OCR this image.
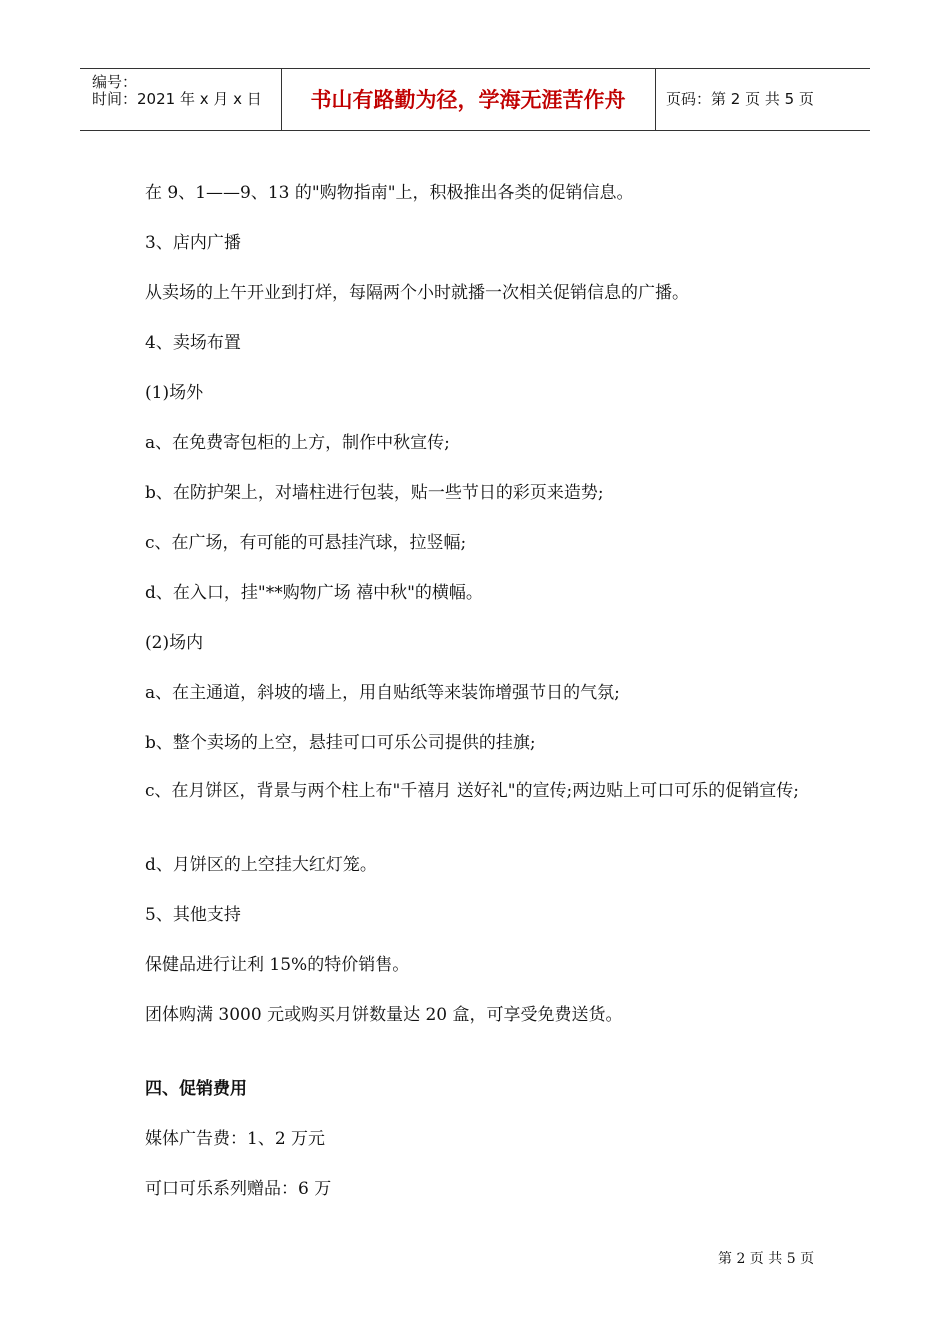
编号：
时间：2021 年 x 月 x 日	书山有路勤为径，学海无涯苦作舟	页码：第 2 页 共 5 页
在 9、1——9、13 的"购物指南"上，积极推出各类的促销信息。
3、店内广播
从卖场的上午开业到打烊，每隔两个小时就播一次相关促销信息的广播。
4、卖场布置
(1)场外
a、在免费寄包柜的上方，制作中秋宣传;
b、在防护架上，对墙柱进行包装，贴一些节日的彩页来造势;
c、在广场，有可能的可悬挂汽球，拉竖幅;
d、在入口，挂"**购物广场 禧中秋"的横幅。
(2)场内
a、在主通道，斜坡的墙上，用自贴纸等来装饰增强节日的气氛;
b、整个卖场的上空，悬挂可口可乐公司提供的挂旗;
c、在月饼区，背景与两个柱上布"千禧月 送好礼"的宣传;两边贴上可口可乐的促销宣传;
d、月饼区的上空挂大红灯笼。
5、其他支持
保健品进行让利 15%的特价销售。
团体购满 3000 元或购买月饼数量达 20 盒，可享受免费送货。
四、促销费用
媒体广告费：1、2 万元
可口可乐系列赠品：6 万
第 2 页 共 5 页
